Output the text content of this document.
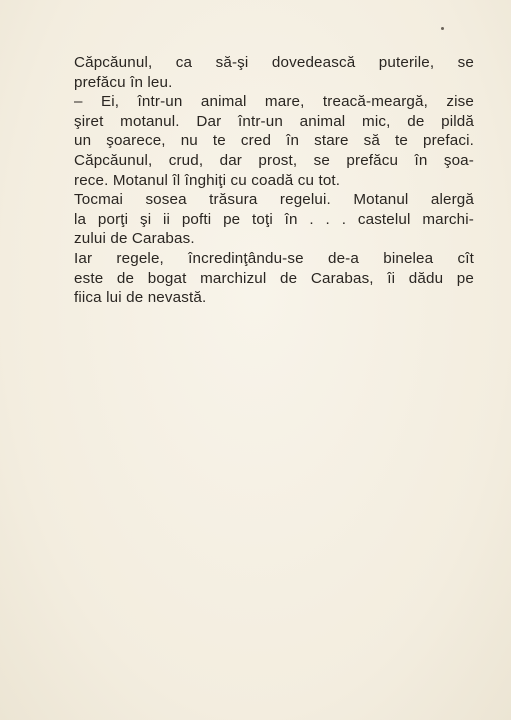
Căpcăunul, ca să-şi dovedească puterile, se
prefăcu în leu.
– Ei, într-un animal mare, treacă-meargă, zise
şiret motanul. Dar într-un animal mic, de pildă
un şoarece, nu te cred în stare să te prefaci.
Căpcăunul, crud, dar prost, se prefăcu în şoa-
rece. Motanul îl înghiţi cu coadă cu tot.
Tocmai sosea trăsura regelui. Motanul alergă
la porţi şi ii pofti pe toţi în . . . castelul marchi-
zului de Carabas.
Iar regele, încredinţându-se de-a binelea cît
este de bogat marchizul de Carabas, îi dădu pe
fiica lui de nevastă.
